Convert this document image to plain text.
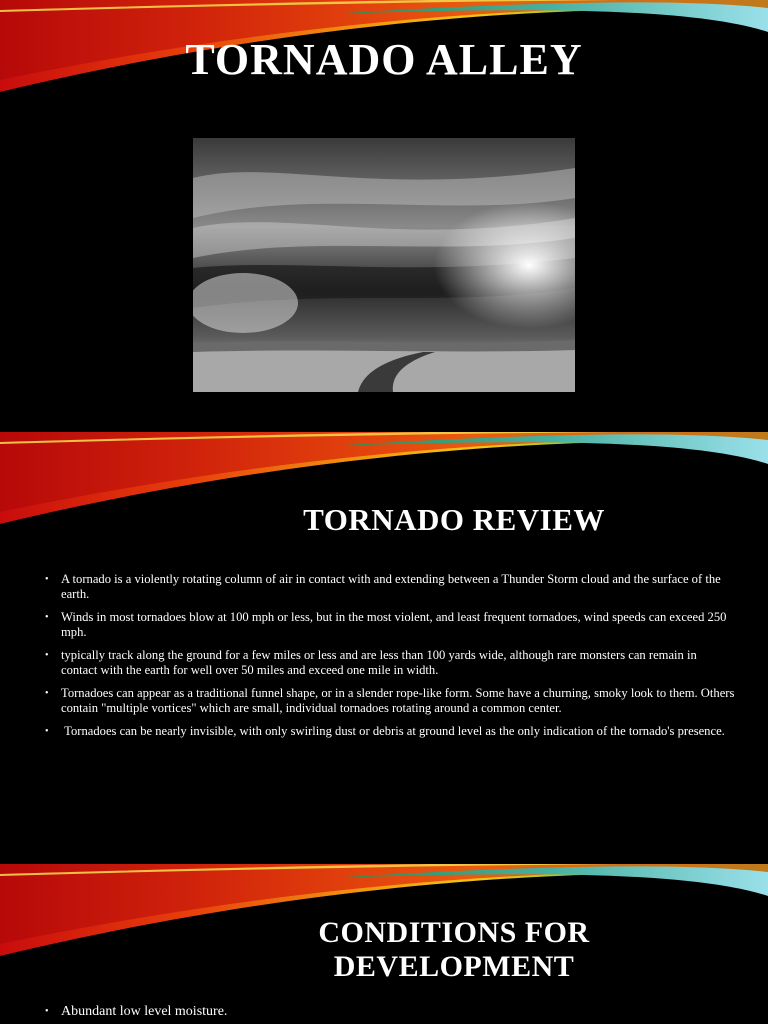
TORNADO ALLEY
TORNADO REVIEW
• A tornado is a violently rotating column of air in contact with and extending between a Thunder Storm cloud and the surface of the earth.
• Winds in most tornadoes blow at 100 mph or less, but in the most violent, and least frequent tornadoes, wind speeds can exceed 250 mph.
• typically track along the ground for a few miles or less and are less than 100 yards wide, although rare monsters can remain in contact with the earth for well over 50 miles and exceed one mile in width.
• Tornadoes can appear as a traditional funnel shape, or in a slender rope-like form. Some have a churning, smoky look to them. Others contain "multiple vortices" which are small, individual tornadoes rotating around a common center.
• Tornadoes can be nearly invisible, with only swirling dust or debris at ground level as the only indication of the tornado's presence.
CONDITIONS FOR
DEVELOPMENT
• Abundant low level moisture.
